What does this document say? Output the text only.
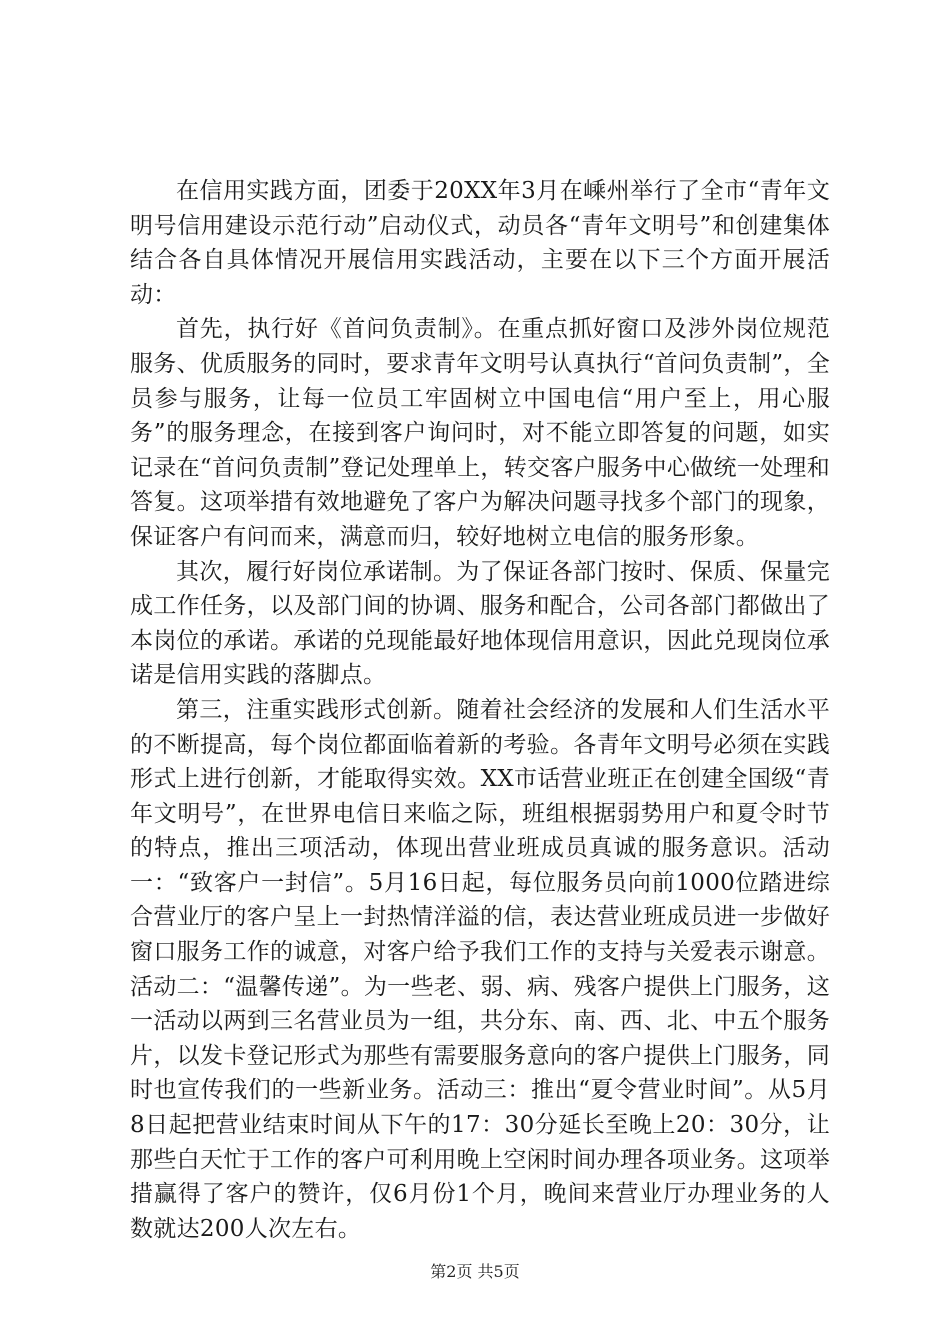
在信用实践方面，团委于20XX年3月在嵊州举行了全市“青年文明号信用建设示范行动”启动仪式，动员各“青年文明号”和创建集体结合各自具体情况开展信用实践活动，主要在以下三个方面开展活动：

首先，执行好《首问负责制》。在重点抓好窗口及涉外岗位规范服务、优质服务的同时，要求青年文明号认真执行“首问负责制”，全员参与服务，让每一位员工牢固树立中国电信“用户至上，用心服务”的服务理念，在接到客户询问时，对不能立即答复的问题，如实记录在“首问负责制”登记处理单上，转交客户服务中心做统一处理和答复。这项举措有效地避免了客户为解决问题寻找多个部门的现象，保证客户有问而来，满意而归，较好地树立电信的服务形象。

其次，履行好岗位承诺制。为了保证各部门按时、保质、保量完成工作任务，以及部门间的协调、服务和配合，公司各部门都做出了本岗位的承诺。承诺的兑现能最好地体现信用意识，因此兑现岗位承诺是信用实践的落脚点。

第三，注重实践形式创新。随着社会经济的发展和人们生活水平的不断提高，每个岗位都面临着新的考验。各青年文明号必须在实践形式上进行创新，才能取得实效。XX市话营业班正在创建全国级“青年文明号”，在世界电信日来临之际，班组根据弱势用户和夏令时节的特点，推出三项活动，体现出营业班成员真诚的服务意识。活动一：“致客户一封信”。5月16日起，每位服务员向前1000位踏进综合营业厅的客户呈上一封热情洋溢的信，表达营业班成员进一步做好窗口服务工作的诚意，对客户给予我们工作的支持与关爱表示谢意。活动二：“温馨传递”。为一些老、弱、病、残客户提供上门服务，这一活动以两到三名营业员为一组，共分东、南、西、北、中五个服务片，以发卡登记形式为那些有需要服务意向的客户提供上门服务，同时也宣传我们的一些新业务。活动三：推出“夏令营业时间”。从5月8日起把营业结束时间从下午的17：30分延长至晚上20：30分，让那些白天忙于工作的客户可利用晚上空闲时间办理各项业务。这项举措赢得了客户的赞许，仅6月份1个月，晚间来营业厅办理业务的人数就达200人次左右。

第2页 共5页
